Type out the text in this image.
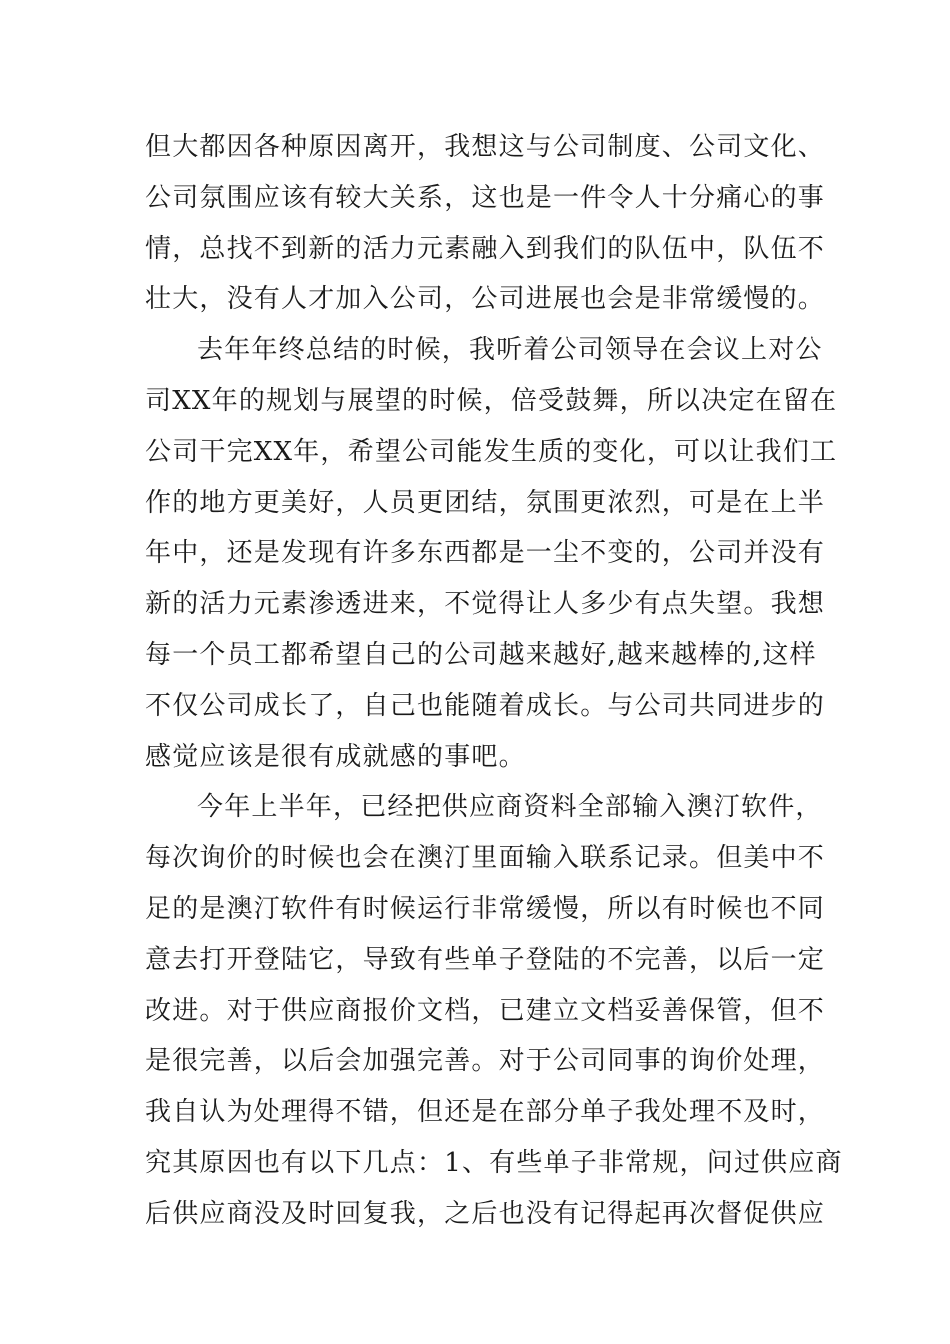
但大都因各种原因离开，我想这与公司制度、公司文化、
公司氛围应该有较大关系，这也是一件令人十分痛心的事
情，总找不到新的活力元素融入到我们的队伍中，队伍不
壮大，没有人才加入公司，公司进展也会是非常缓慢的。
去年年终总结的时候，我听着公司领导在会议上对公
司XX年的规划与展望的时候，倍受鼓舞，所以决定在留在
公司干完XX年，希望公司能发生质的变化，可以让我们工
作的地方更美好，人员更团结，氛围更浓烈，可是在上半
年中，还是发现有许多东西都是一尘不变的，公司并没有
新的活力元素渗透进来，不觉得让人多少有点失望。我想
每一个员工都希望自己的公司越来越好,越来越棒的,这样
不仅公司成长了，自己也能随着成长。与公司共同进步的
感觉应该是很有成就感的事吧。
今年上半年，已经把供应商资料全部输入澳汀软件，
每次询价的时候也会在澳汀里面输入联系记录。但美中不
足的是澳汀软件有时候运行非常缓慢，所以有时候也不同
意去打开登陆它，导致有些单子登陆的不完善，以后一定
改进。对于供应商报价文档，已建立文档妥善保管，但不
是很完善，以后会加强完善。对于公司同事的询价处理，
我自认为处理得不错，但还是在部分单子我处理不及时，
究其原因也有以下几点：1、有些单子非常规，问过供应商
后供应商没及时回复我，之后也没有记得起再次督促供应
